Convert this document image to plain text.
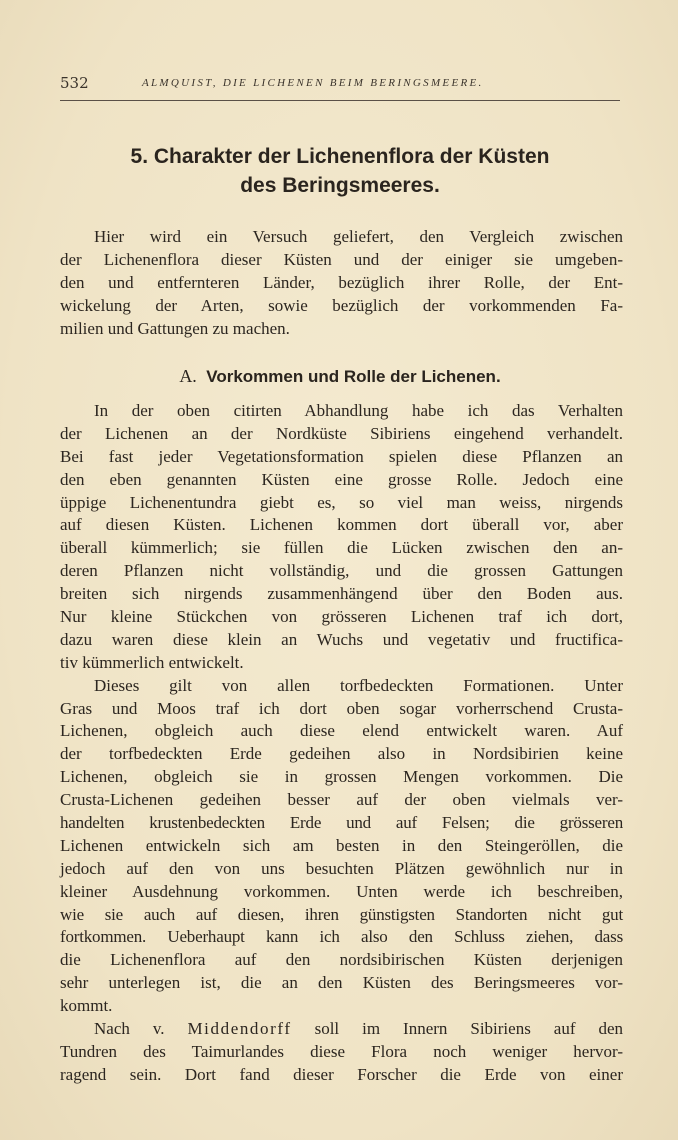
532	ALMQUIST, DIE LICHENEN BEIM BERINGSMEERE.
5. Charakter der Lichenenflora der Küsten
des Beringsmeeres.
Hier wird ein Versuch geliefert, den Vergleich zwischen
der Lichenenflora dieser Küsten und der einiger sie umgeben-
den und entfernteren Länder, bezüglich ihrer Rolle, der Ent-
wickelung der Arten, sowie bezüglich der vorkommenden Fa-
milien und Gattungen zu machen.
A. Vorkommen und Rolle der Lichenen.
In der oben citirten Abhandlung habe ich das Verhalten
der Lichenen an der Nordküste Sibiriens eingehend verhandelt.
Bei fast jeder Vegetationsformation spielen diese Pflanzen an
den eben genannten Küsten eine grosse Rolle. Jedoch eine
üppige Lichenentundra giebt es, so viel man weiss, nirgends
auf diesen Küsten. Lichenen kommen dort überall vor, aber
überall kümmerlich; sie füllen die Lücken zwischen den an-
deren Pflanzen nicht vollständig, und die grossen Gattungen
breiten sich nirgends zusammenhängend über den Boden aus.
Nur kleine Stückchen von grösseren Lichenen traf ich dort,
dazu waren diese klein an Wuchs und vegetativ und fructifica-
tiv kümmerlich entwickelt.
Dieses gilt von allen torfbedeckten Formationen. Unter
Gras und Moos traf ich dort oben sogar vorherrschend Crusta-
Lichenen, obgleich auch diese elend entwickelt waren. Auf
der torfbedeckten Erde gedeihen also in Nordsibirien keine
Lichenen, obgleich sie in grossen Mengen vorkommen. Die
Crusta-Lichenen gedeihen besser auf der oben vielmals ver-
handelten krustenbedeckten Erde und auf Felsen; die grösseren
Lichenen entwickeln sich am besten in den Steingeröllen, die
jedoch auf den von uns besuchten Plätzen gewöhnlich nur in
kleiner Ausdehnung vorkommen. Unten werde ich beschreiben,
wie sie auch auf diesen, ihren günstigsten Standorten nicht gut
fortkommen. Ueberhaupt kann ich also den Schluss ziehen, dass
die Lichenenflora auf den nordsibirischen Küsten derjenigen
sehr unterlegen ist, die an den Küsten des Beringsmeeres vor-
kommt.
Nach v. Middendorff soll im Innern Sibiriens auf den
Tundren des Taimurlandes diese Flora noch weniger hervor-
ragend sein. Dort fand dieser Forscher die Erde von einer
